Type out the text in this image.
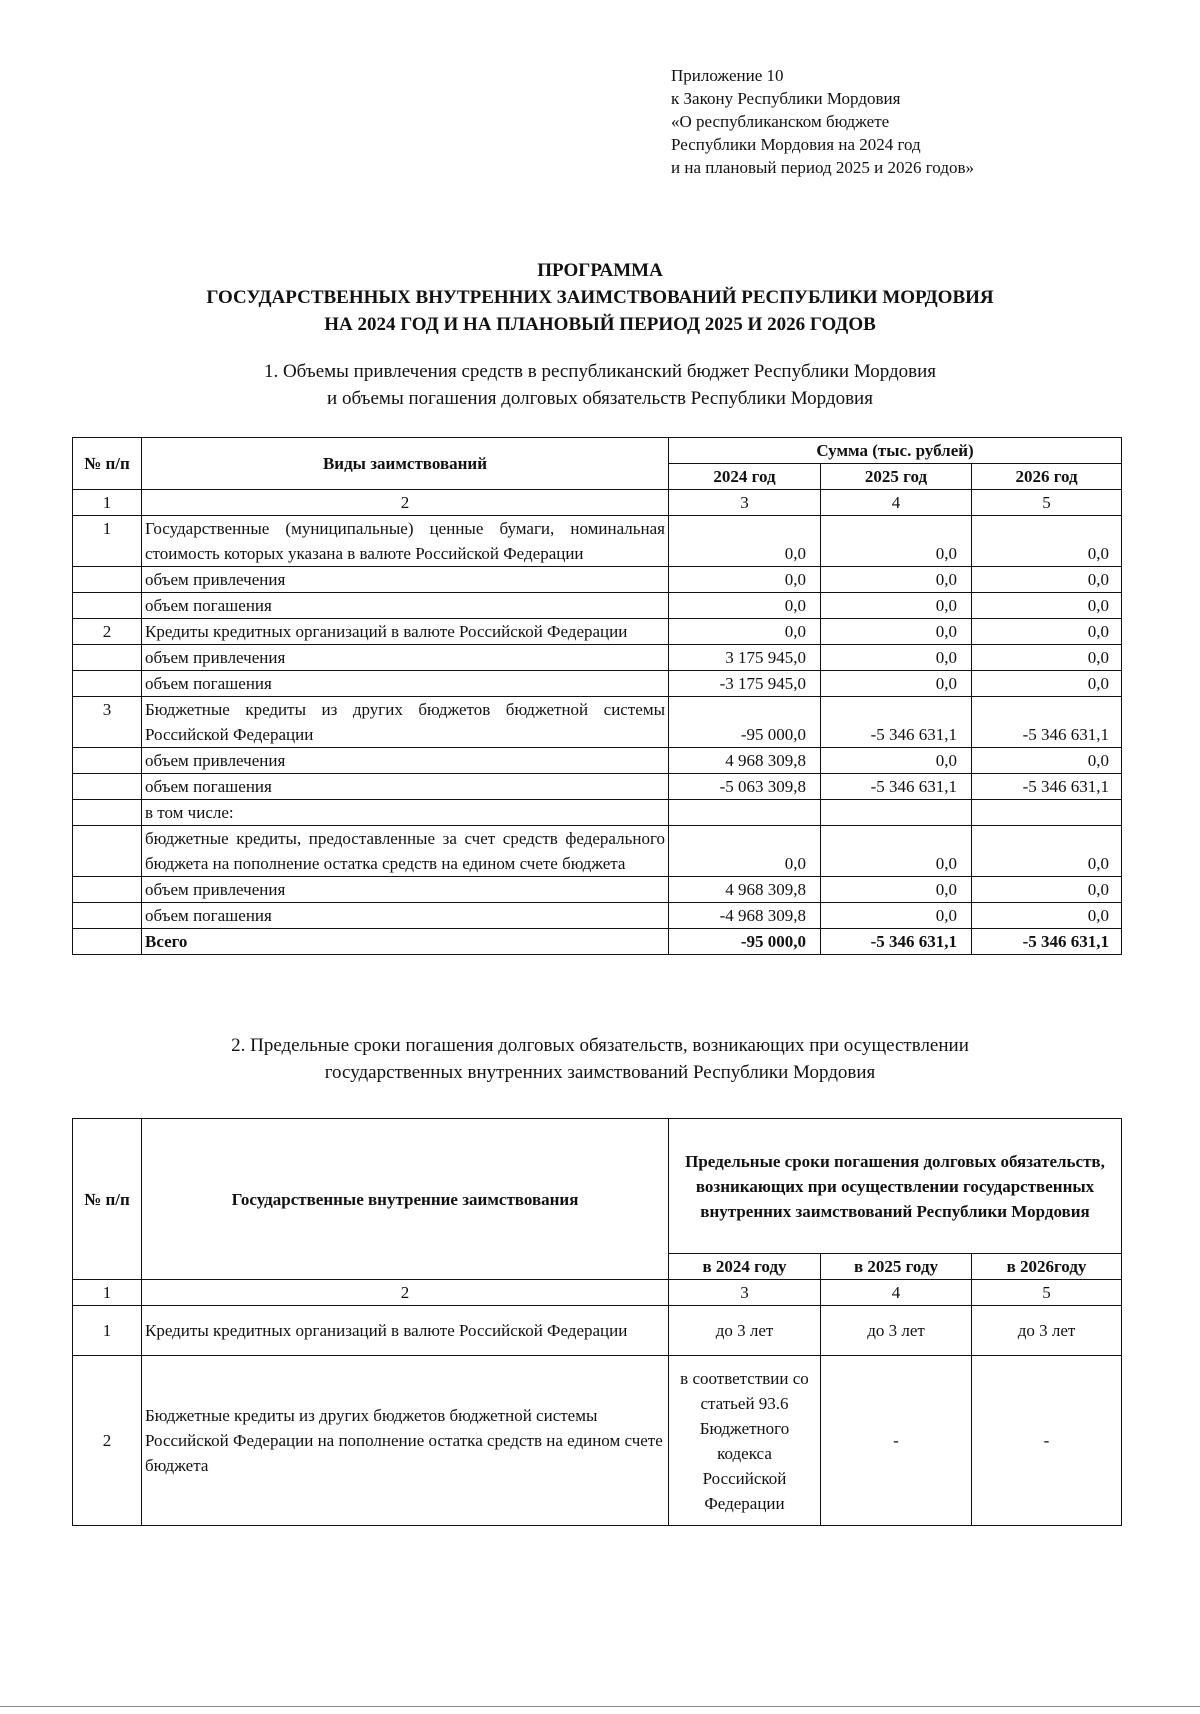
Приложение 10
к Закону Республики Мордовия
«О республиканском бюджете
Республики Мордовия на 2024 год
и на плановый период 2025 и 2026 годов»
ПРОГРАММА
ГОСУДАРСТВЕННЫХ ВНУТРЕННИХ ЗАИМСТВОВАНИЙ РЕСПУБЛИКИ МОРДОВИЯ
НА 2024 ГОД И НА ПЛАНОВЫЙ ПЕРИОД 2025 И 2026 ГОДОВ
1. Объемы привлечения средств в республиканский бюджет Республики Мордовия
и объемы погашения долговых обязательств Республики Мордовия
№ п/п	Виды заимствований	Сумма (тыс. рублей)		
		2024 год	2025 год	2026 год
1	2	3	4	5
1	Государственные (муниципальные) ценные бумаги, номинальная стоимость которых указана в валюте Российской Федерации	0,0	0,0	0,0
	объем привлечения	0,0	0,0	0,0
	объем погашения	0,0	0,0	0,0
2	Кредиты кредитных организаций в валюте Российской Федерации	0,0	0,0	0,0
	объем привлечения	3 175 945,0	0,0	0,0
	объем погашения	-3 175 945,0	0,0	0,0
3	Бюджетные кредиты из других бюджетов бюджетной системы Российской Федерации	-95 000,0	-5 346 631,1	-5 346 631,1
	объем привлечения	4 968 309,8	0,0	0,0
	объем погашения	-5 063 309,8	-5 346 631,1	-5 346 631,1
	в том числе:			
	бюджетные кредиты, предоставленные за счет средств федерального бюджета на пополнение остатка средств на едином счете бюджета	0,0	0,0	0,0
	объем привлечения	4 968 309,8	0,0	0,0
	объем погашения	-4 968 309,8	0,0	0,0
	Всего	-95 000,0	-5 346 631,1	-5 346 631,1
2. Предельные сроки погашения долговых обязательств, возникающих при осуществлении
государственных внутренних заимствований Республики Мордовия
№ п/п	Государственные внутренние заимствования	Предельные сроки погашения долговых обязательств, возникающих при осуществлении государственных внутренних заимствований Республики Мордовия		
		в 2024 году	в 2025 году	в 2026году
1	2	3	4	5
1	Кредиты кредитных организаций в валюте Российской Федерации	до 3 лет	до 3 лет	до 3 лет
2	Бюджетные кредиты из других бюджетов бюджетной системы Российской Федерации на пополнение остатка средств на едином счете бюджета	в соответствии со статьей 93.6 Бюджетного кодекса Российской Федерации	-	-
